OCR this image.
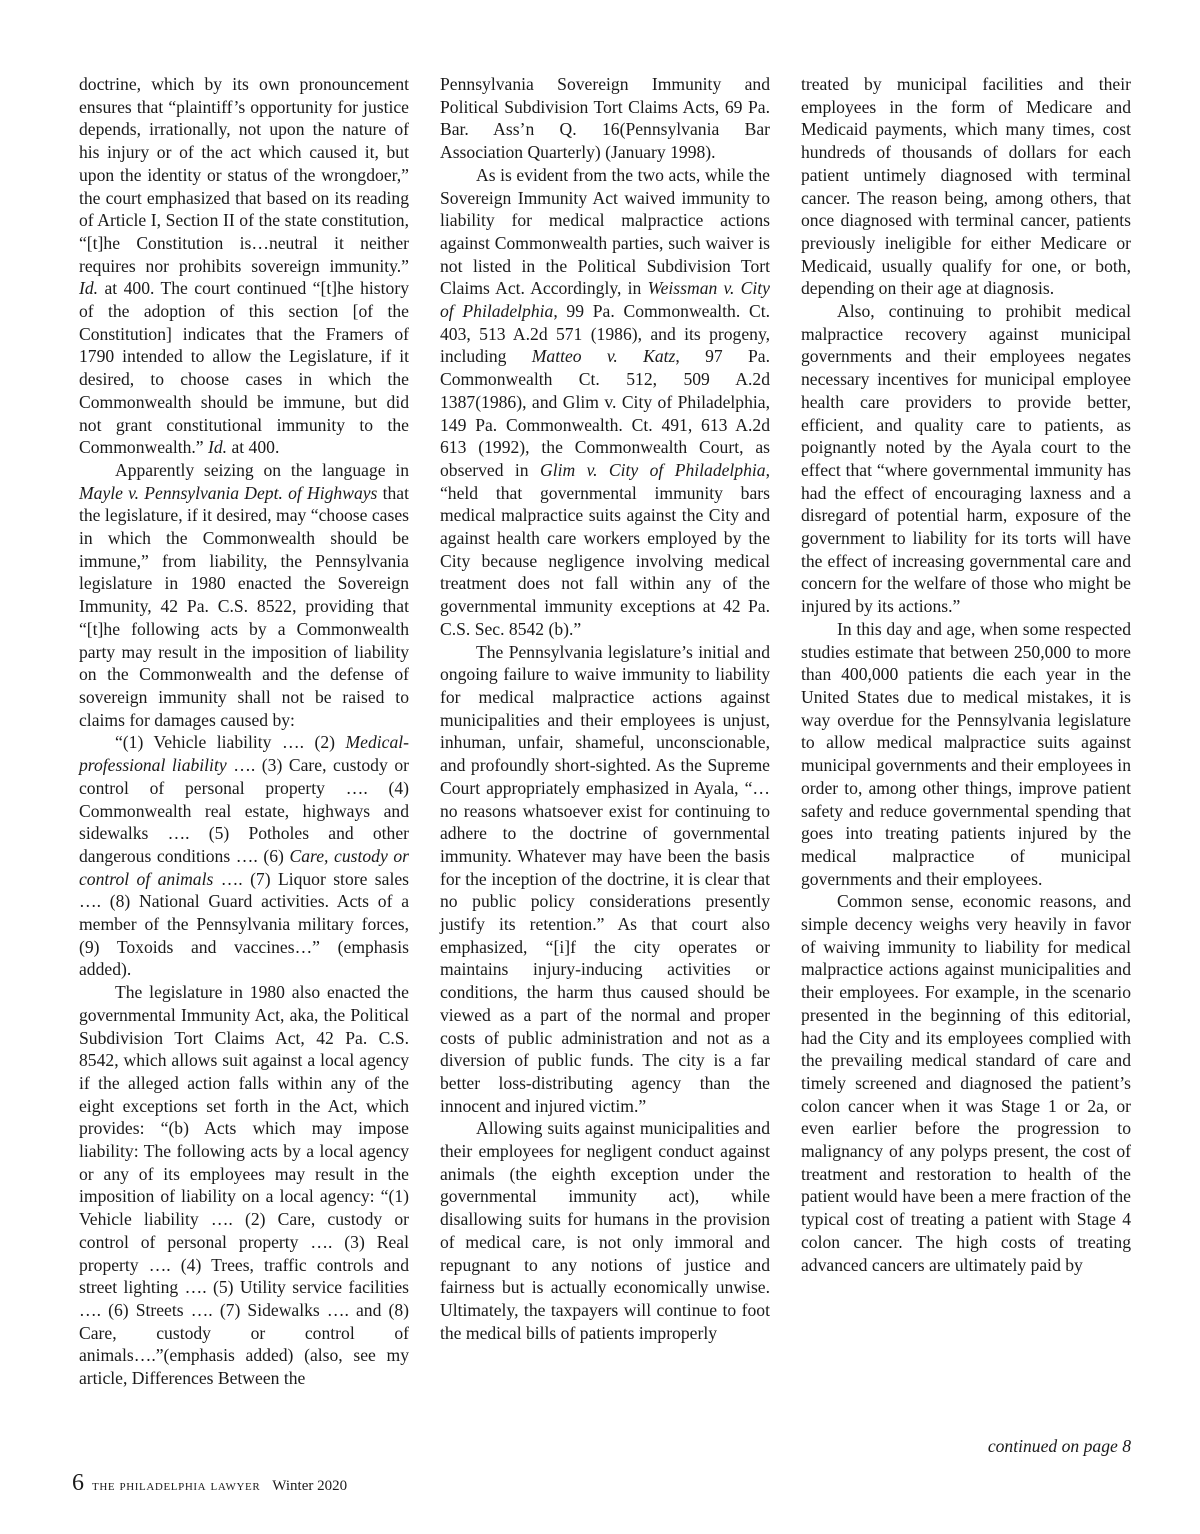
doctrine, which by its own pronouncement ensures that “plaintiff’s opportunity for justice depends, irrationally, not upon the nature of his injury or of the act which caused it, but upon the identity or status of the wrongdoer,” the court emphasized that based on its reading of Article I, Section II of the state constitution, “[t]he Constitution is…neutral it neither requires nor prohibits sovereign immunity.” Id. at 400. The court continued “[t]he history of the adoption of this section [of the Constitution] indicates that the Framers of 1790 intended to allow the Legislature, if it desired, to choose cases in which the Commonwealth should be immune, but did not grant constitutional immunity to the Commonwealth.” Id. at 400.

Apparently seizing on the language in Mayle v. Pennsylvania Dept. of Highways that the legislature, if it desired, may “choose cases in which the Commonwealth should be immune,” from liability, the Pennsylvania legislature in 1980 enacted the Sovereign Immunity, 42 Pa. C.S. 8522, providing that “[t]he following acts by a Commonwealth party may result in the imposition of liability on the Commonwealth and the defense of sovereign immunity shall not be raised to claims for damages caused by:

“(1) Vehicle liability …. (2) Medical-professional liability …. (3) Care, custody or control of personal property …. (4) Commonwealth real estate, highways and sidewalks …. (5) Potholes and other dangerous conditions …. (6) Care, custody or control of animals …. (7) Liquor store sales …. (8) National Guard activities. Acts of a member of the Pennsylvania military forces, (9) Toxoids and vaccines…” (emphasis added).

The legislature in 1980 also enacted the governmental Immunity Act, aka, the Political Subdivision Tort Claims Act, 42 Pa. C.S. 8542, which allows suit against a local agency if the alleged action falls within any of the eight exceptions set forth in the Act, which provides: “(b) Acts which may impose liability: The following acts by a local agency or any of its employees may result in the imposition of liability on a local agency: “(1) Vehicle liability …. (2) Care, custody or control of personal property …. (3) Real property …. (4) Trees, traffic controls and street lighting …. (5) Utility service facilities …. (6) Streets …. (7) Sidewalks …. and (8) Care, custody or control of animals….”(emphasis added) (also, see my article, Differences Between the

Pennsylvania Sovereign Immunity and Political Subdivision Tort Claims Acts, 69 Pa. Bar. Ass’n Q. 16(Pennsylvania Bar Association Quarterly) (January 1998).

As is evident from the two acts, while the Sovereign Immunity Act waived immunity to liability for medical malpractice actions against Commonwealth parties, such waiver is not listed in the Political Subdivision Tort Claims Act. Accordingly, in Weissman v. City of Philadelphia, 99 Pa. Commonwealth. Ct. 403, 513 A.2d 571 (1986), and its progeny, including Matteo v. Katz, 97 Pa. Commonwealth Ct. 512, 509 A.2d 1387(1986), and Glim v. City of Philadelphia, 149 Pa. Commonwealth. Ct. 491, 613 A.2d 613 (1992), the Commonwealth Court, as observed in Glim v. City of Philadelphia, “held that governmental immunity bars medical malpractice suits against the City and against health care workers employed by the City because negligence involving medical treatment does not fall within any of the governmental immunity exceptions at 42 Pa. C.S. Sec. 8542 (b).”

The Pennsylvania legislature’s initial and ongoing failure to waive immunity to liability for medical malpractice actions against municipalities and their employees is unjust, inhuman, unfair, shameful, unconscionable, and profoundly short-sighted. As the Supreme Court appropriately emphasized in Ayala, “…no reasons whatsoever exist for continuing to adhere to the doctrine of governmental immunity. Whatever may have been the basis for the inception of the doctrine, it is clear that no public policy considerations presently justify its retention.” As that court also emphasized, “[i]f the city operates or maintains injury-inducing activities or conditions, the harm thus caused should be viewed as a part of the normal and proper costs of public administration and not as a diversion of public funds. The city is a far better loss-distributing agency than the innocent and injured victim.”

Allowing suits against municipalities and their employees for negligent conduct against animals (the eighth exception under the governmental immunity act), while disallowing suits for humans in the provision of medical care, is not only immoral and repugnant to any notions of justice and fairness but is actually economically unwise. Ultimately, the taxpayers will continue to foot the medical bills of patients improperly

treated by municipal facilities and their employees in the form of Medicare and Medicaid payments, which many times, cost hundreds of thousands of dollars for each patient untimely diagnosed with terminal cancer. The reason being, among others, that once diagnosed with terminal cancer, patients previously ineligible for either Medicare or Medicaid, usually qualify for one, or both, depending on their age at diagnosis.

Also, continuing to prohibit medical malpractice recovery against municipal governments and their employees negates necessary incentives for municipal employee health care providers to provide better, efficient, and quality care to patients, as poignantly noted by the Ayala court to the effect that “where governmental immunity has had the effect of encouraging laxness and a disregard of potential harm, exposure of the government to liability for its torts will have the effect of increasing governmental care and concern for the welfare of those who might be injured by its actions.”

In this day and age, when some respected studies estimate that between 250,000 to more than 400,000 patients die each year in the United States due to medical mistakes, it is way overdue for the Pennsylvania legislature to allow medical malpractice suits against municipal governments and their employees in order to, among other things, improve patient safety and reduce governmental spending that goes into treating patients injured by the medical malpractice of municipal governments and their employees.

Common sense, economic reasons, and simple decency weighs very heavily in favor of waiving immunity to liability for medical malpractice actions against municipalities and their employees. For example, in the scenario presented in the beginning of this editorial, had the City and its employees complied with the prevailing medical standard of care and timely screened and diagnosed the patient’s colon cancer when it was Stage 1 or 2a, or even earlier before the progression to malignancy of any polyps present, the cost of treatment and restoration to health of the patient would have been a mere fraction of the typical cost of treating a patient with Stage 4 colon cancer. The high costs of treating advanced cancers are ultimately paid by

continued on page 8

6 the philadelphia lawyer Winter 2020
